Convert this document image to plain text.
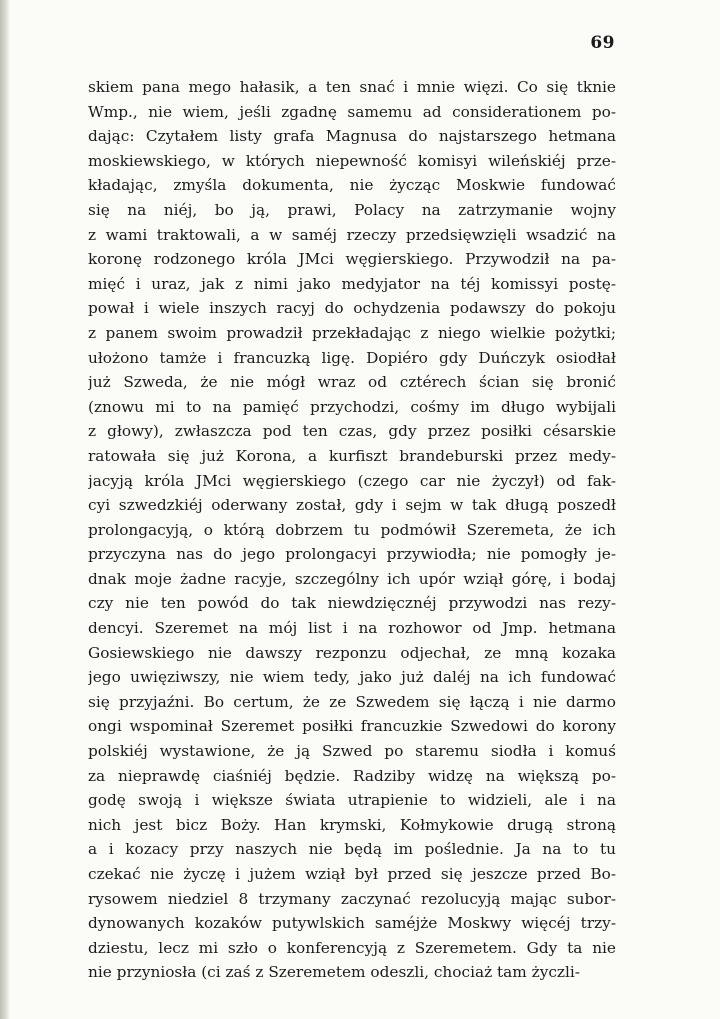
69
skiem pana mego hałasik, a ten snać i mnie więzi. Co się tknie
Wmp., nie wiem, jeśli zgadnę samemu ad considerationem po-
dając: Czytałem listy grafa Magnusa do najstarszego hetmana
moskiewskiego, w których niepewność komisyi wileńskiéj prze-
kładając, zmyśla dokumenta, nie życząc Moskwie fundować
się na niéj, bo ją, prawi, Polacy na zatrzymanie wojny
z wami traktowali, a w saméj rzeczy przedsięwzięli wsadzić na
koronę rodzonego króla JMci węgierskiego. Przywodził na pa-
mięć i uraz, jak z nimi jako medyjator na téj komissyi postę-
pował i wiele inszych racyj do ochydzenia podawszy do pokoju
z panem swoim prowadził przekładając z niego wielkie pożytki;
ułożono tamże i francuzką ligę. Dopiéro gdy Duńczyk osiodłał
już Szweda, że nie mógł wraz od cztérech ścian się bronić
(znowu mi to na pamięć przychodzi, cośmy im długo wybijali
z głowy), zwłaszcza pod ten czas, gdy przez posiłki césarskie
ratowała się już Korona, a kurfiszt brandeburski przez medy-
jacyją króla JMci węgierskiego (czego car nie życzył) od fak-
cyi szwedzkiéj oderwany został, gdy i sejm w tak długą poszedł
prolongacyją, o którą dobrzem tu podmówił Szeremeta, że ich
przyczyna nas do jego prolongacyi przywiodła; nie pomogły je-
dnak moje żadne racyje, szczególny ich upór wziął górę, i bodaj
czy nie ten powód do tak niewdzięcznéj przywodzi nas rezy-
dencyi. Szeremet na mój list i na rozhowor od Jmp. hetmana
Gosiewskiego nie dawszy rezponzu odjechał, ze mną kozaka
jego uwięziwszy, nie wiem tedy, jako już daléj na ich fundować
się przyjaźni. Bo certum, że ze Szwedem się łączą i nie darmo
ongi wspominał Szeremet posiłki francuzkie Szwedowi do korony
polskiéj wystawione, że ją Szwed po staremu siodła i komuś
za nieprawdę ciaśniéj będzie. Radziby widzę na większą po-
godę swoją i większe świata utrapienie to widzieli, ale i na
nich jest bicz Boży. Han krymski, Kołmykowie drugą stroną
a i kozacy przy naszych nie będą im poślednie. Ja na to tu
czekać nie życzę i jużem wziął był przed się jeszcze przed Bo-
rysowem niedziel 8 trzymany zaczynać rezolucyją mając subor-
dynowanych kozaków putywlskich saméjże Moskwy więcéj trzy-
dziestu, lecz mi szło o konferencyją z Szeremetem. Gdy ta nie
nie przyniosła (ci zaś z Szeremetem odeszli, chociaż tam życzli-
